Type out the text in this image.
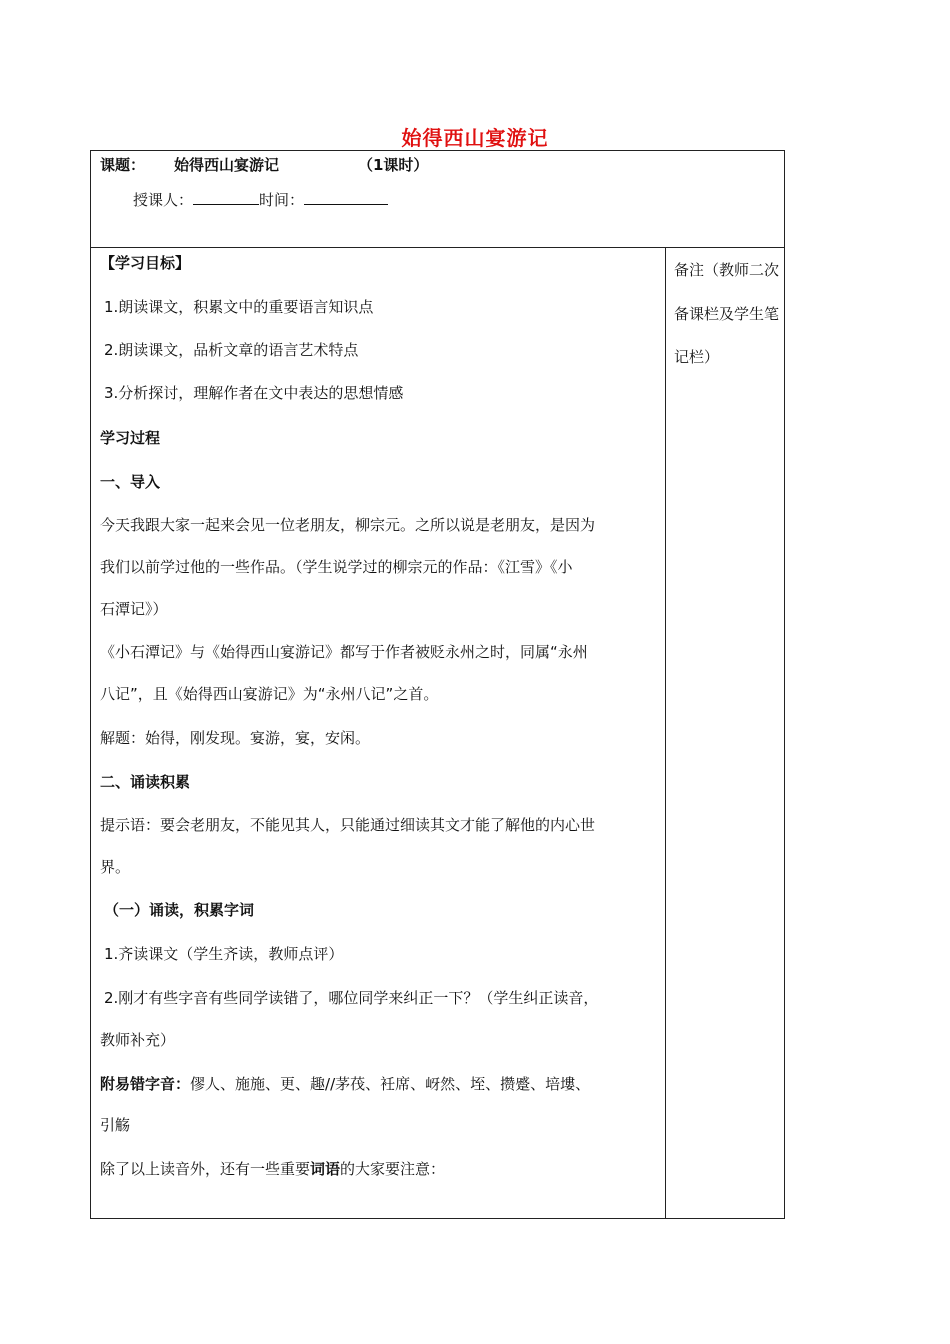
始得西山宴游记
课题： 始得西山宴游记	（1课时）
授课人：	时间：
备注（教师二次备课栏及学生笔记栏）
【学习目标】
1.朗读课文，积累文中的重要语言知识点
2.朗读课文，品析文章的语言艺术特点
3.分析探讨，理解作者在文中表达的思想情感
学习过程
一、导入
今天我跟大家一起来会见一位老朋友，柳宗元。之所以说是老朋友，是因为
我们以前学过他的一些作品。（学生说学过的柳宗元的作品：《江雪》《小
石潭记》）
《小石潭记》与《始得西山宴游记》都写于作者被贬永州之时，同属“永州
八记”，且《始得西山宴游记》为“永州八记”之首。
解题：始得，刚发现。宴游，宴，安闲。
二、诵读积累
提示语：要会老朋友，不能见其人，只能通过细读其文才能了解他的内心世
界。
（一）诵读，积累字词
1.齐读课文（学生齐读，教师点评）
2.刚才有些字音有些同学读错了，哪位同学来纠正一下？（学生纠正读音，
教师补充）
附易错字音：僇人、施施、更、趣//茅茷、衽席、岈然、垤、攒蹙、培塿、
引觞
除了以上读音外，还有一些重要词语的大家要注意：
